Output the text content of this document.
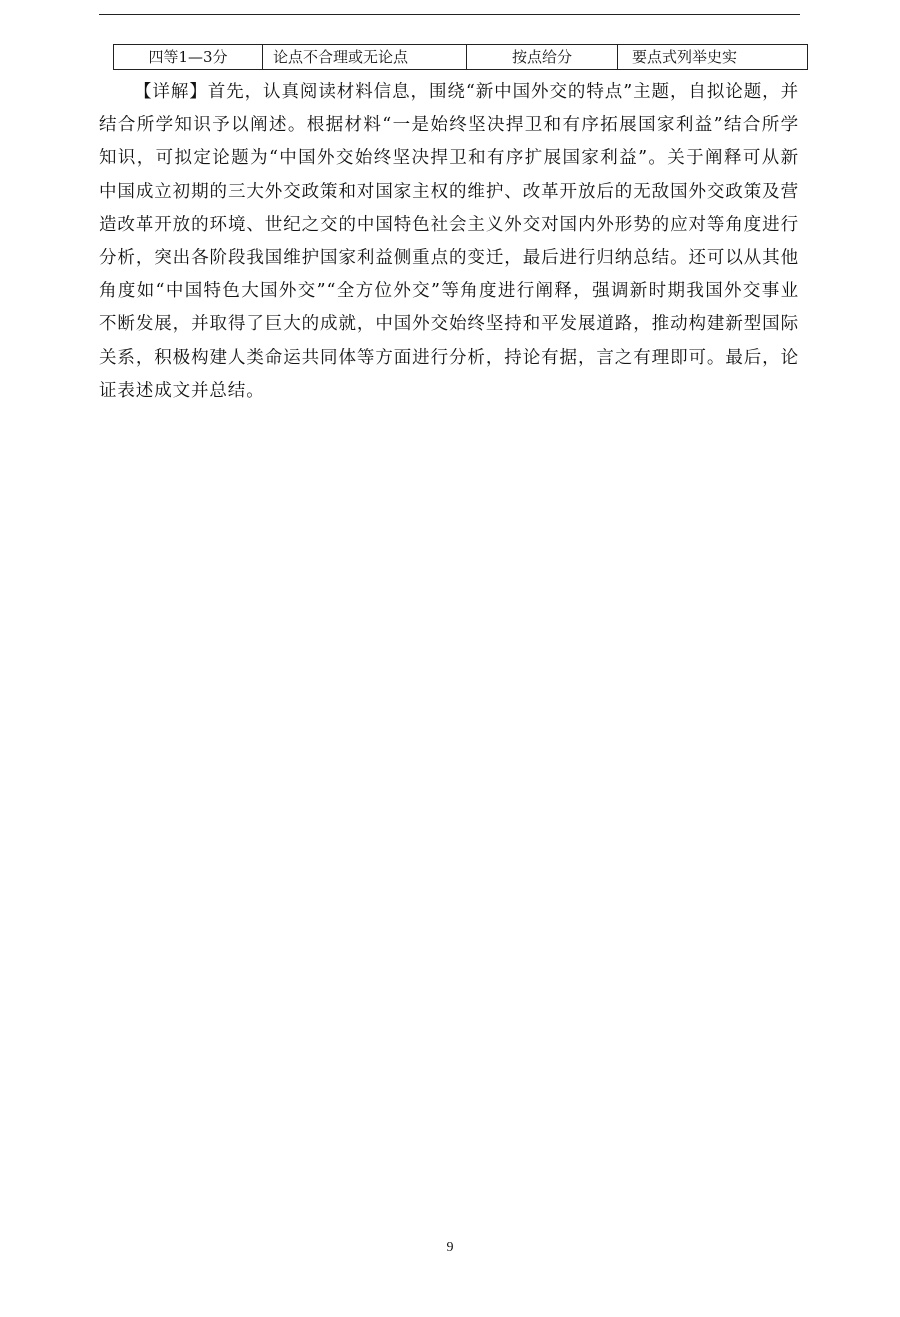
四等1—3分	论点不合理或无论点	按点给分	要点式列举史实

【详解】首先，认真阅读材料信息，围绕“新中国外交的特点”主题，自拟论题，并结合所学知识予以阐述。根据材料“一是始终坚决捍卫和有序拓展国家利益”结合所学知识，可拟定论题为“中国外交始终坚决捍卫和有序扩展国家利益”。关于阐释可从新中国成立初期的三大外交政策和对国家主权的维护、改革开放后的无敌国外交政策及营造改革开放的环境、世纪之交的中国特色社会主义外交对国内外形势的应对等角度进行分析，突出各阶段我国维护国家利益侧重点的变迁，最后进行归纳总结。还可以从其他角度如“中国特色大国外交”“全方位外交”等角度进行阐释，强调新时期我国外交事业不断发展，并取得了巨大的成就，中国外交始终坚持和平发展道路，推动构建新型国际关系，积极构建人类命运共同体等方面进行分析，持论有据，言之有理即可。最后，论证表述成文并总结。

9
